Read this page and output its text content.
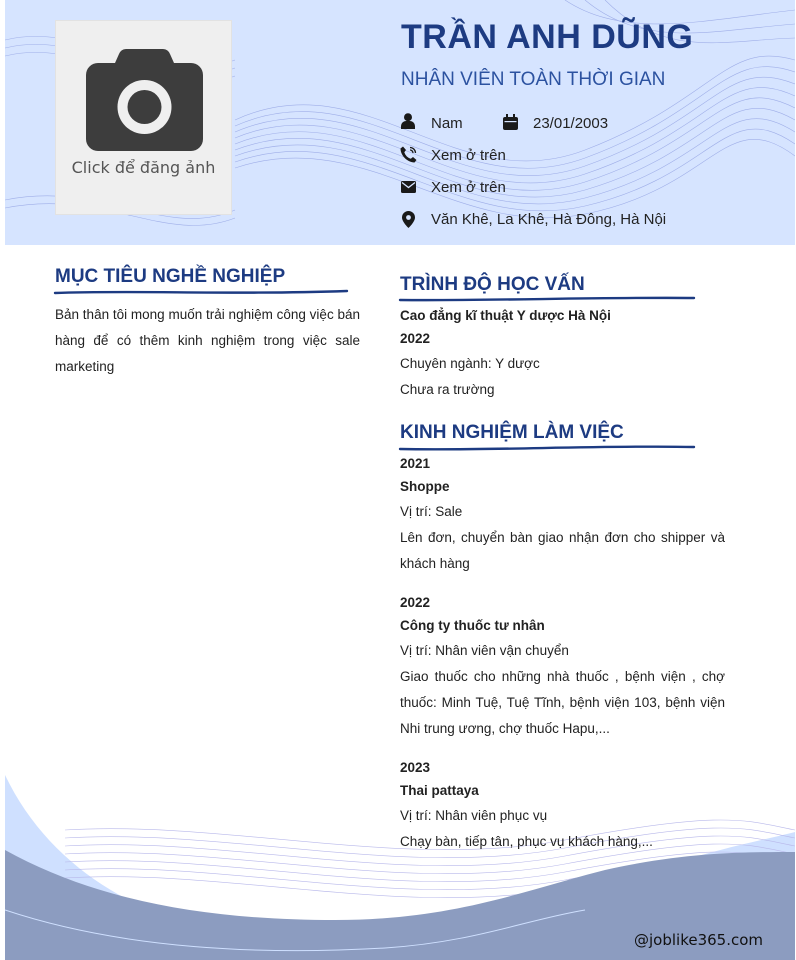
Click để đăng ảnh
TRẦN ANH DŨNG
NHÂN VIÊN TOÀN THỜI GIAN
Nam	23/01/2003
Xem ở trên
Xem ở trên
Văn Khê, La Khê, Hà Đông, Hà Nội
MỤC TIÊU NGHỀ NGHIỆP
Bản thân tôi mong muốn trải nghiệm công việc bán hàng để có thêm kinh nghiệm trong việc sale marketing
TRÌNH ĐỘ HỌC VẤN
Cao đẳng kĩ thuật Y dược Hà Nội
2022
Chuyên ngành: Y dược
Chưa ra trường
KINH NGHIỆM LÀM VIỆC
2021
Shoppe
Vị trí: Sale
Lên đơn, chuyển bàn giao nhận đơn cho shipper và khách hàng
2022
Công ty thuốc tư nhân
Vị trí: Nhân viên vận chuyển
Giao thuốc cho những nhà thuốc , bệnh viện , chợ thuốc: Minh Tuệ, Tuệ Tĩnh, bệnh viện 103, bệnh viện Nhi trung ương, chợ thuốc Hapu,...
2023
Thai pattaya
Vị trí: Nhân viên phục vụ
Chạy bàn, tiếp tân, phục vụ khách hàng,...
@joblike365.com
